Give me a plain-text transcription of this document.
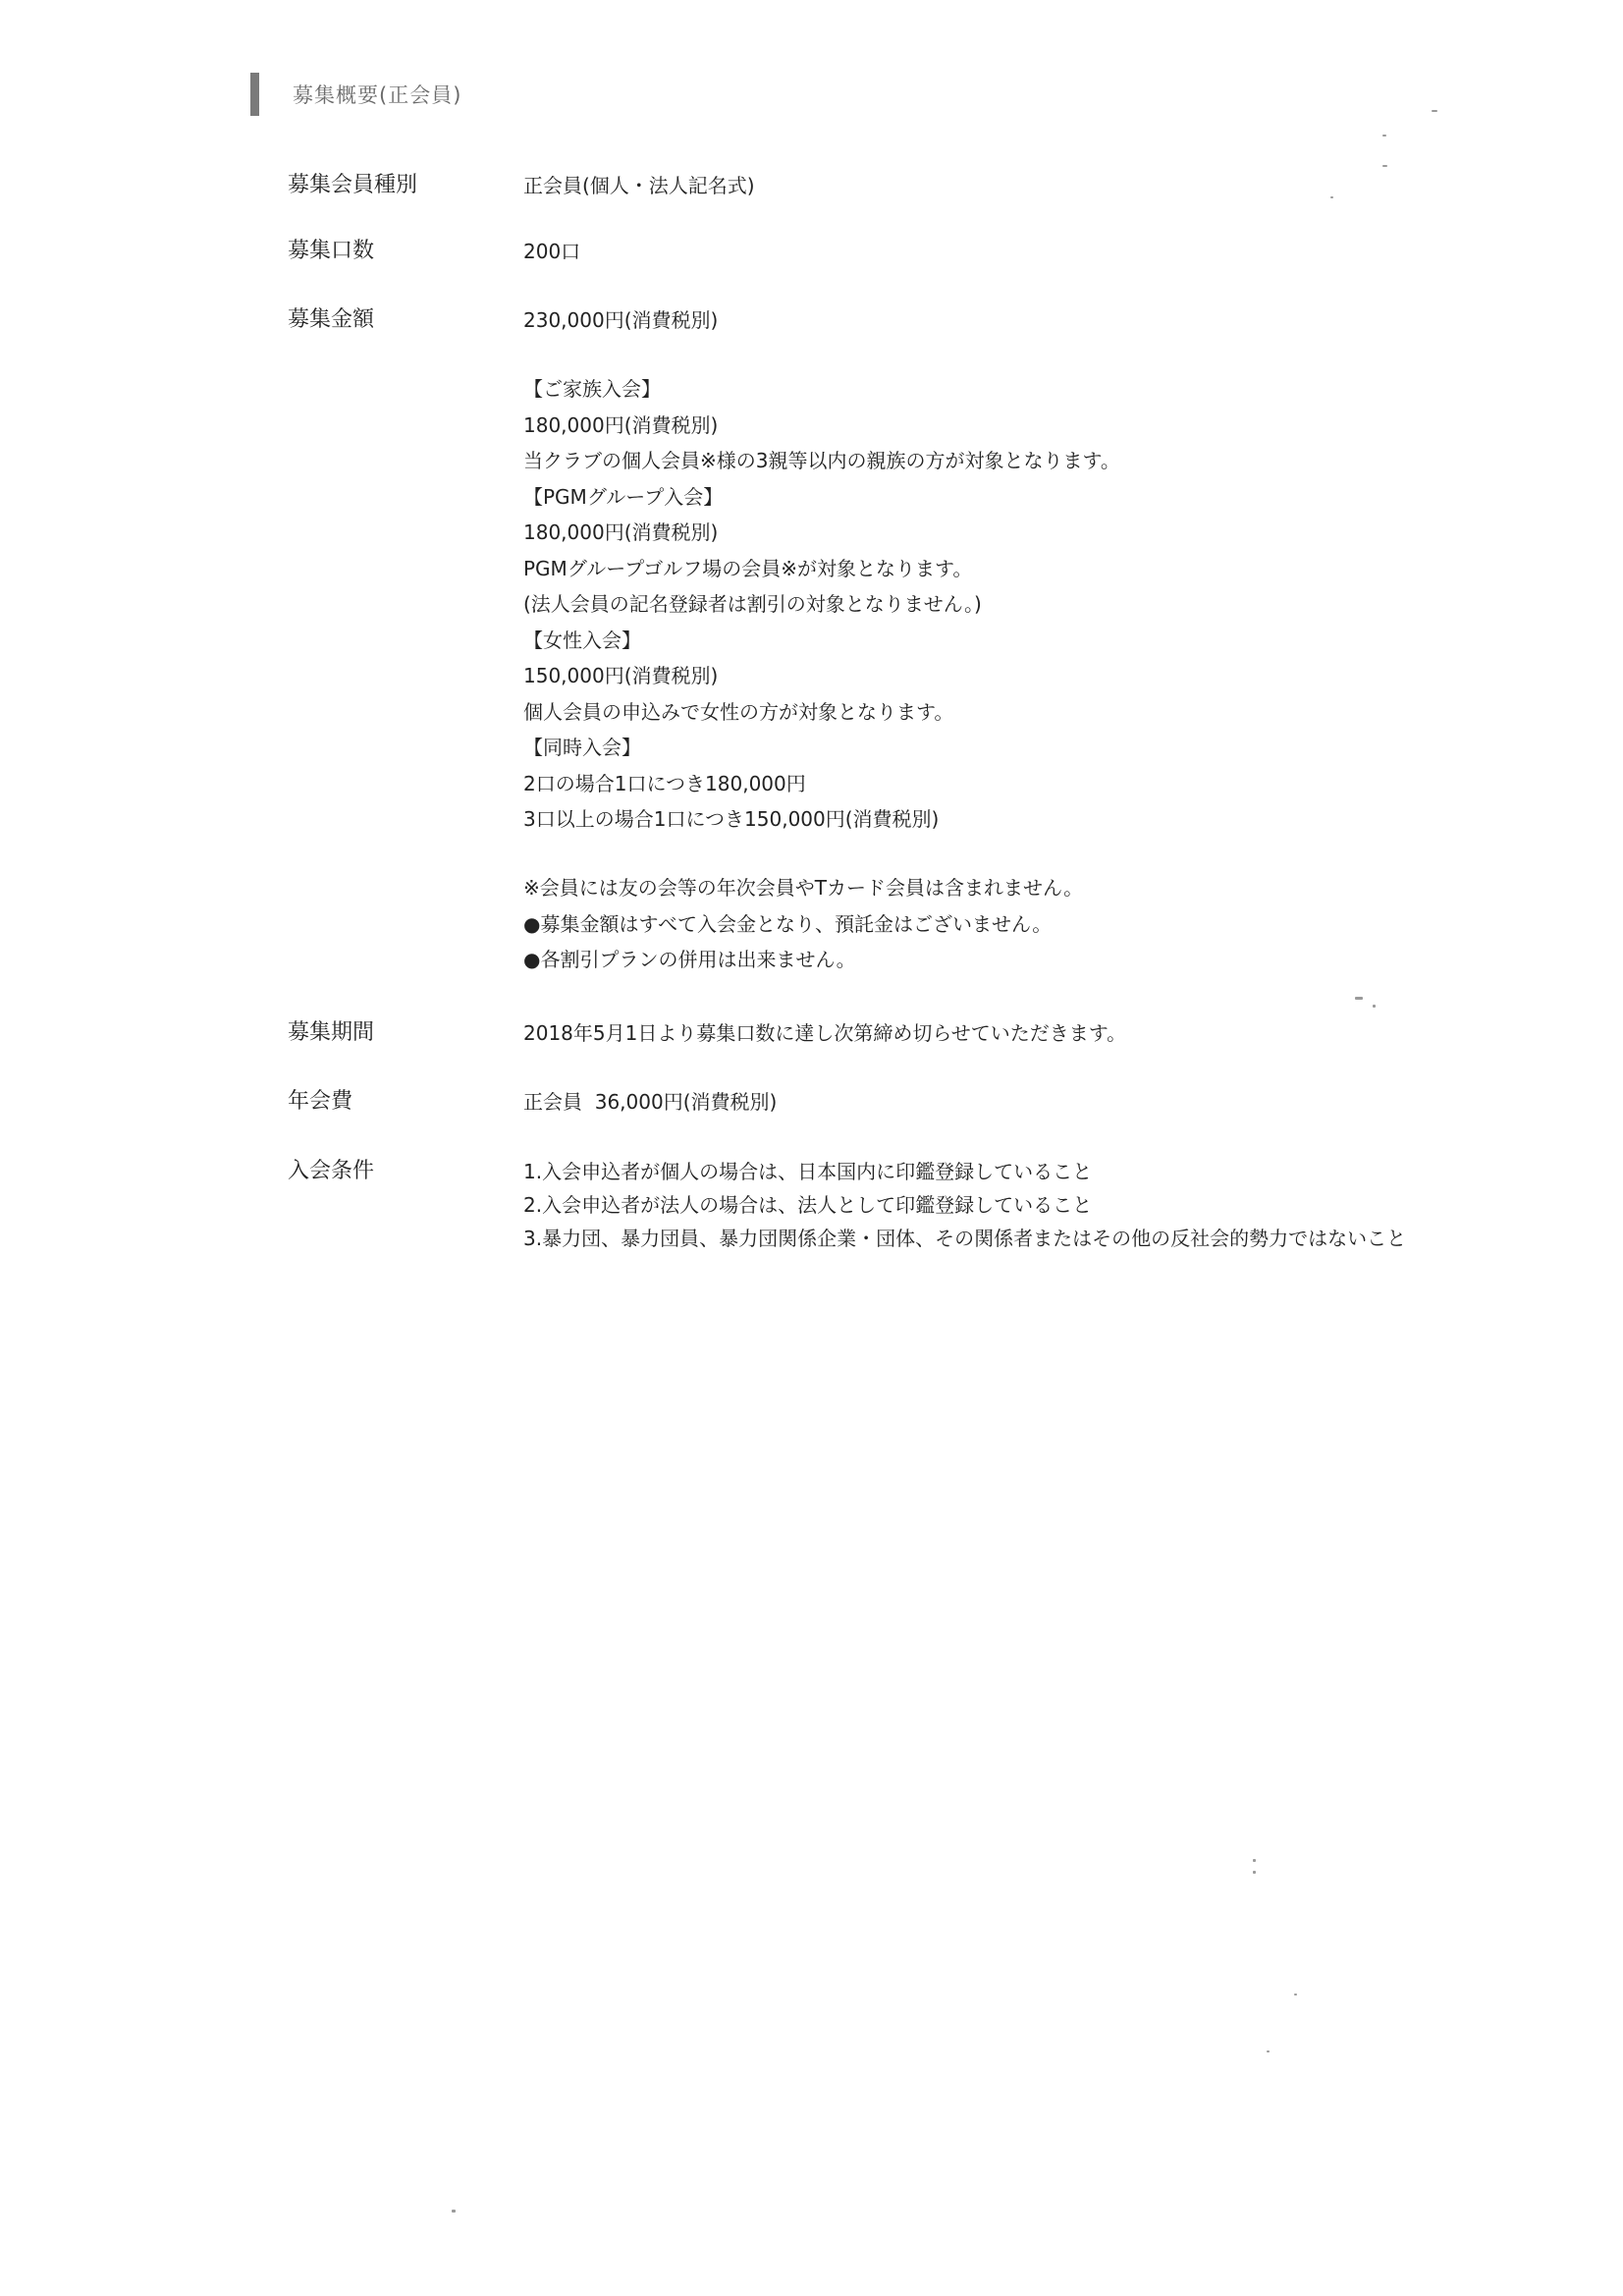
募集概要(正会員)
募集会員種別	正会員(個人・法人記名式)
募集口数	200口
募集金額	230,000円(消費税別)
【ご家族入会】
180,000円(消費税別)
当クラブの個人会員※様の3親等以内の親族の方が対象となります。
【PGMグループ入会】
180,000円(消費税別)
PGMグループゴルフ場の会員※が対象となります。
(法人会員の記名登録者は割引の対象となりません。)
【女性入会】
150,000円(消費税別)
個人会員の申込みで女性の方が対象となります。
【同時入会】
2口の場合1口につき180,000円
3口以上の場合1口につき150,000円(消費税別)
※会員には友の会等の年次会員やTカード会員は含まれません。
●募集金額はすべて入会金となり、預託金はございません。
●各割引プランの併用は出来ません。
募集期間	2018年5月1日より募集口数に達し次第締め切らせていただきます。
年会費	正会員  36,000円(消費税別)
入会条件	1.入会申込者が個人の場合は、日本国内に印鑑登録していること
2.入会申込者が法人の場合は、法人として印鑑登録していること
3.暴力団、暴力団員、暴力団関係企業・団体、その関係者またはその他の反社会的勢力ではないこと
